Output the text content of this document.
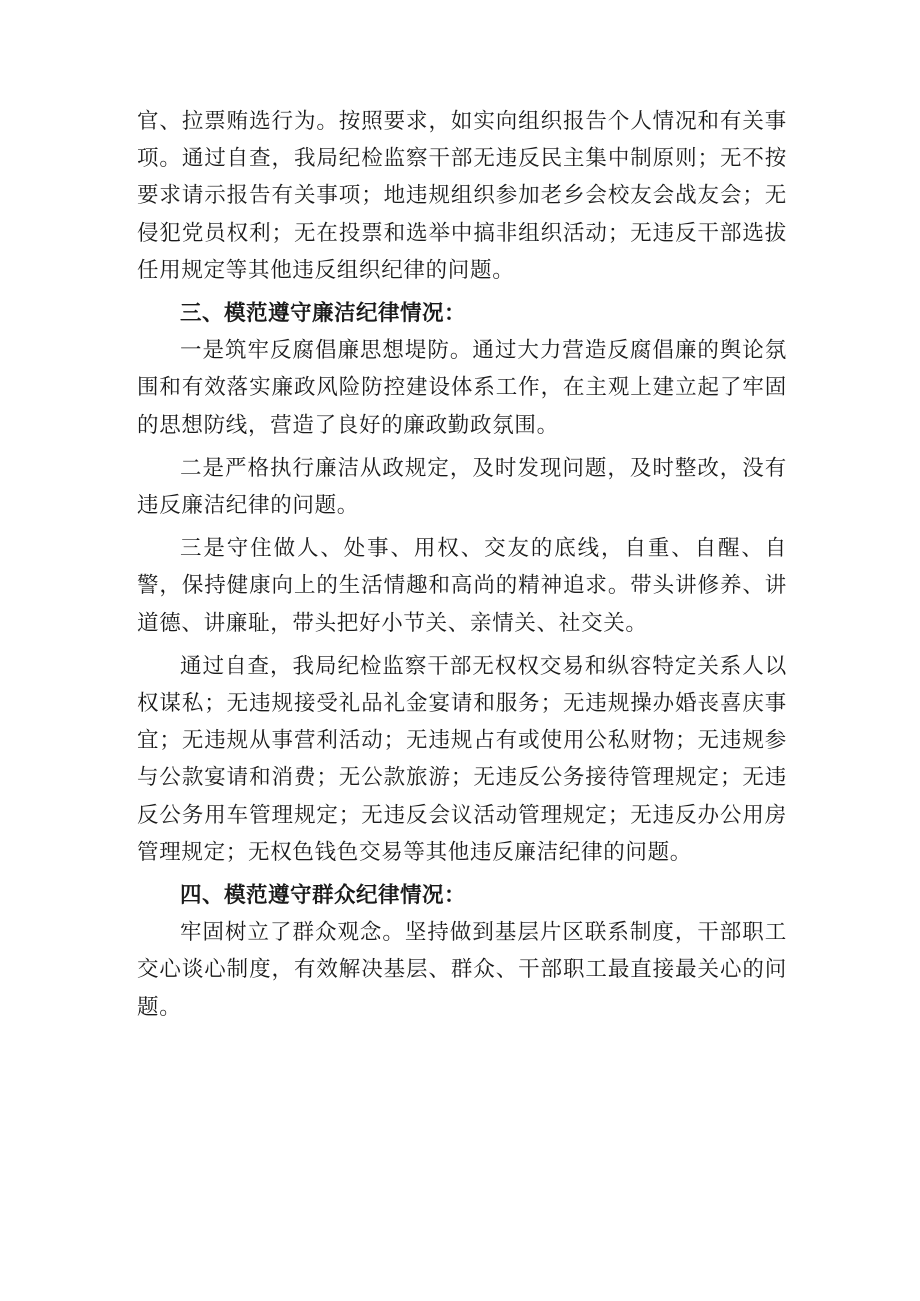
官、拉票贿选行为。按照要求，如实向组织报告个人情况和有关事项。通过自查，我局纪检监察干部无违反民主集中制原则；无不按要求请示报告有关事项；地违规组织参加老乡会校友会战友会；无侵犯党员权利；无在投票和选举中搞非组织活动；无违反干部选拔任用规定等其他违反组织纪律的问题。

三、模范遵守廉洁纪律情况：

一是筑牢反腐倡廉思想堤防。通过大力营造反腐倡廉的舆论氛围和有效落实廉政风险防控建设体系工作，在主观上建立起了牢固的思想防线，营造了良好的廉政勤政氛围。

二是严格执行廉洁从政规定，及时发现问题，及时整改，没有违反廉洁纪律的问题。

三是守住做人、处事、用权、交友的底线，自重、自醒、自警，保持健康向上的生活情趣和高尚的精神追求。带头讲修养、讲道德、讲廉耻，带头把好小节关、亲情关、社交关。

通过自查，我局纪检监察干部无权权交易和纵容特定关系人以权谋私；无违规接受礼品礼金宴请和服务；无违规操办婚丧喜庆事宜；无违规从事营利活动；无违规占有或使用公私财物；无违规参与公款宴请和消费；无公款旅游；无违反公务接待管理规定；无违反公务用车管理规定；无违反会议活动管理规定；无违反办公用房管理规定；无权色钱色交易等其他违反廉洁纪律的问题。

四、模范遵守群众纪律情况：

牢固树立了群众观念。坚持做到基层片区联系制度，干部职工交心谈心制度，有效解决基层、群众、干部职工最直接最关心的问题。
